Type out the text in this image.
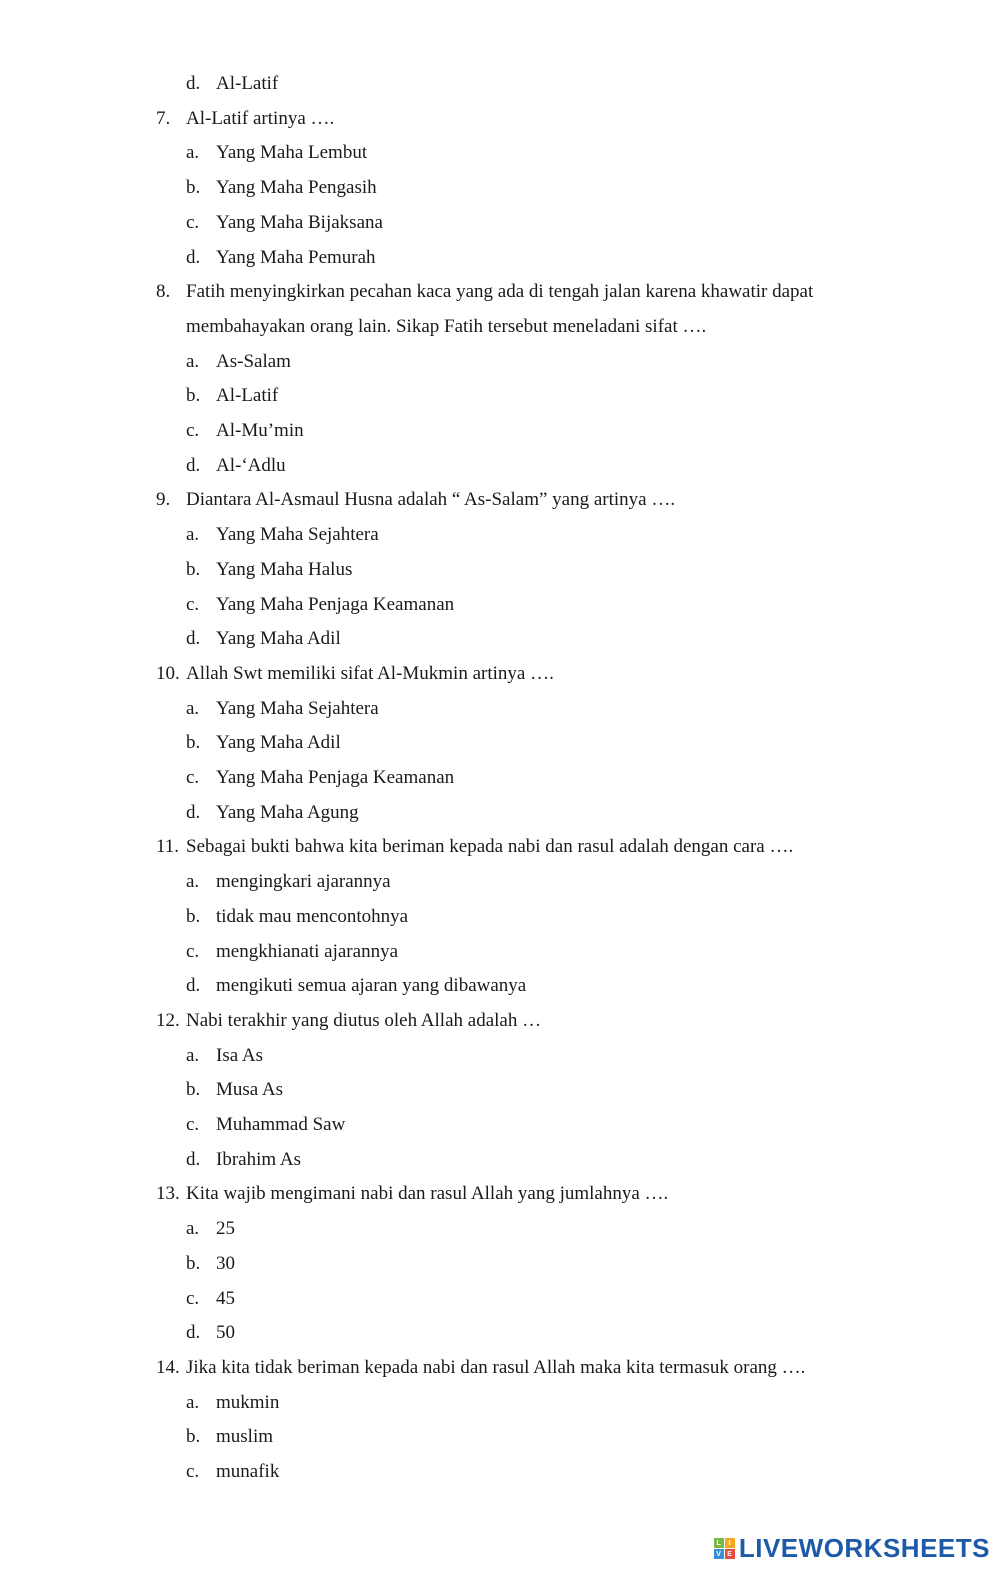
d. Al-Latif
7. Al-Latif artinya ….
a. Yang Maha Lembut
b. Yang Maha Pengasih
c. Yang Maha Bijaksana
d. Yang Maha Pemurah
8. Fatih menyingkirkan pecahan kaca yang ada di tengah jalan karena khawatir dapat
membahayakan orang lain. Sikap Fatih tersebut meneladani sifat ….
a. As-Salam
b. Al-Latif
c. Al-Mu’min
d. Al-‘Adlu
9. Diantara Al-Asmaul Husna adalah “ As-Salam” yang artinya ….
a. Yang Maha Sejahtera
b. Yang Maha Halus
c. Yang Maha Penjaga Keamanan
d. Yang Maha Adil
10. Allah Swt memiliki sifat Al-Mukmin artinya ….
a. Yang Maha Sejahtera
b. Yang Maha Adil
c. Yang Maha Penjaga Keamanan
d. Yang Maha Agung
11. Sebagai bukti bahwa kita beriman kepada nabi dan rasul adalah dengan cara ….
a. mengingkari ajarannya
b. tidak mau mencontohnya
c. mengkhianati ajarannya
d. mengikuti semua ajaran yang dibawanya
12. Nabi terakhir yang diutus oleh Allah adalah …
a. Isa As
b. Musa As
c. Muhammad Saw
d. Ibrahim As
13. Kita wajib mengimani nabi dan rasul Allah yang jumlahnya ….
a. 25
b. 30
c. 45
d. 50
14. Jika kita tidak beriman kepada nabi dan rasul Allah maka kita termasuk orang ….
a. mukmin
b. muslim
c. munafik
L	I
V E LIVEWORKSHEETS
